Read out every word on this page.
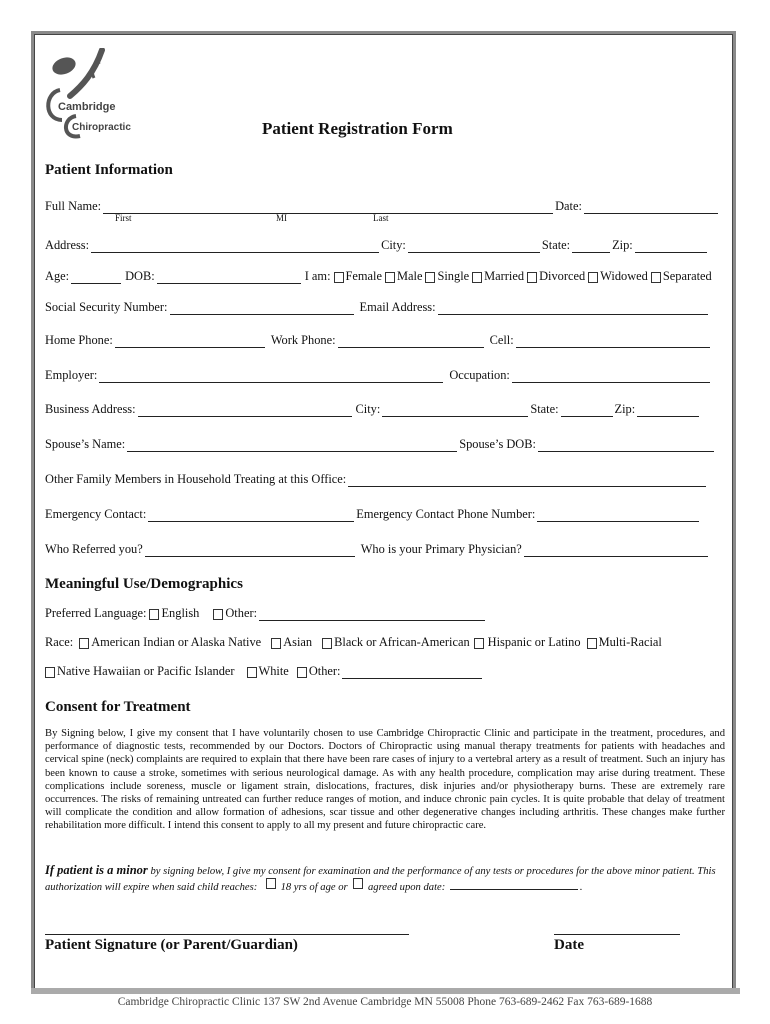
Cambridge
Chiropractic	Patient Registration Form
Patient Information
Full Name:	Date:
First	MI	Last
Address:	City:	State:	Zip:
Age:	DOB:	I am: Female Male Single Married Divorced Widowed Separated
Social Security Number:	Email Address:
Home Phone:	Work Phone:	Cell:
Employer:	Occupation:
Business Address:	City:	State:	Zip:
Spouse’s Name:	Spouse’s DOB:
Other Family Members in Household Treating at this Office:
Emergency Contact:	Emergency Contact Phone Number:
Who Referred you?	Who is your Primary Physician?
Meaningful Use/Demographics
Preferred Language: English Other:
Race: American Indian or Alaska Native Asian Black or African-American Hispanic or Latino Multi-Racial
Native Hawaiian or Pacific Islander White Other:
Consent for Treatment
By Signing below, I give my consent that I have voluntarily chosen to use Cambridge Chiropractic Clinic and participate in the treatment, procedures, and performance of diagnostic tests, recommended by our Doctors. Doctors of Chiropractic using manual therapy treatments for patients with headaches and cervical spine (neck) complaints are required to explain that there have been rare cases of injury to a vertebral artery as a result of treatment. Such an injury has been known to cause a stroke, sometimes with serious neurological damage. As with any health procedure, complication may arise during treatment. These complications include soreness, muscle or ligament strain, dislocations, fractures, disk injuries and/or physiotherapy burns. These are extremely rare occurrences. The risks of remaining untreated can further reduce ranges of motion, and induce chronic pain cycles. It is quite probable that delay of treatment will complicate the condition and allow formation of adhesions, scar tissue and other degenerative changes including arthritis. These changes make further rehabilitation more difficult. I intend this consent to apply to all my present and future chiropractic care.
If patient is a minor by signing below, I give my consent for examination and the performance of any tests or procedures for the above minor patient. This authorization will expire when said child reaches: 18 yrs of age or agreed upon date:	.
Patient Signature (or Parent/Guardian)	Date
Cambridge Chiropractic Clinic 137 SW 2nd Avenue Cambridge MN 55008 Phone 763-689-2462 Fax 763-689-1688
